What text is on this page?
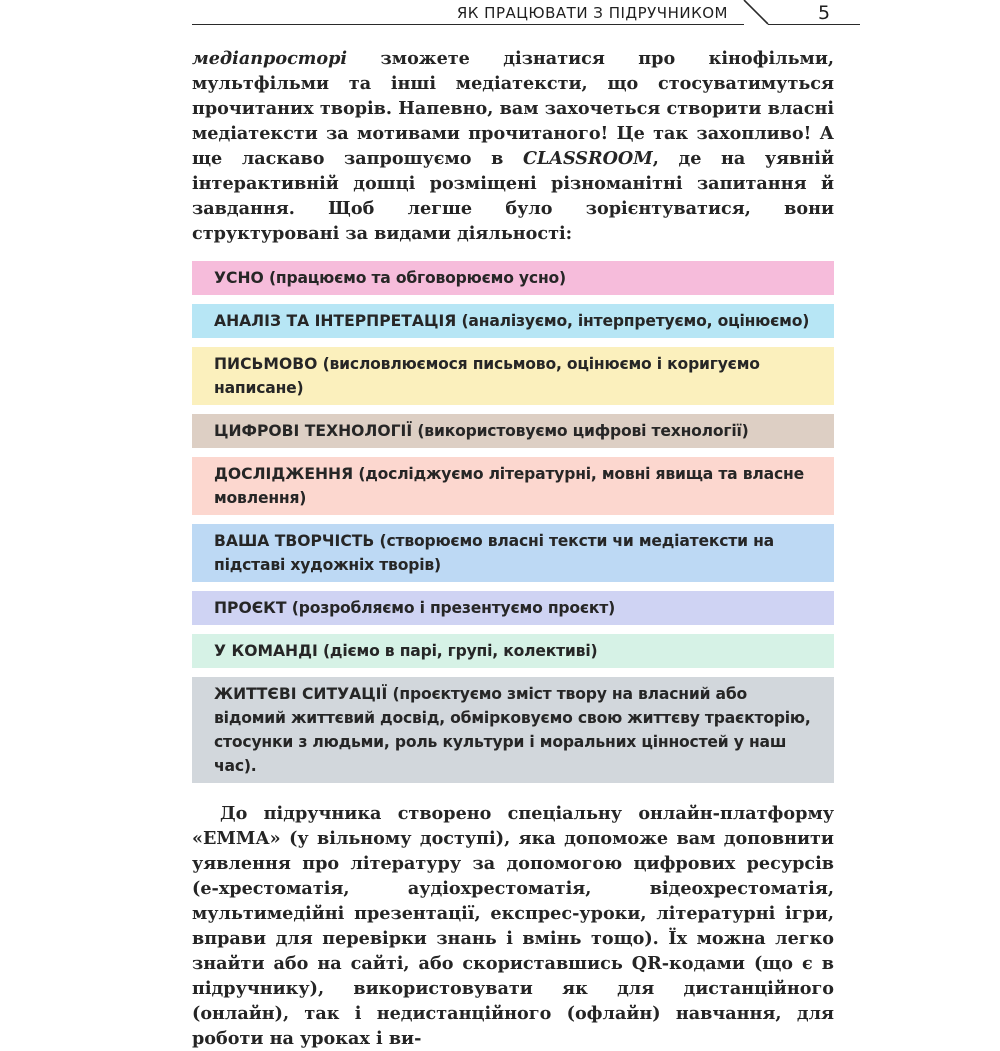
ЯК ПРАЦЮВАТИ З ПІДРУЧНИКОМ	5

медіапросторі зможете дізнатися про кінофільми, мультфільми та інші медіатексти, що стосуватимуться прочитаних творів. Напевно, вам захочеться створити власні медіатексти за мотивами прочитаного! Це так захопливо! А ще ласкаво запрошуємо в CLASSROOM, де на уявній інтерактивній дошці розміщені різноманітні запитання й завдання. Щоб легше було зорієнтуватися, вони структуровані за видами діяльності:

УСНО (працюємо та обговорюємо усно)
АНАЛІЗ ТА ІНТЕРПРЕТАЦІЯ (аналізуємо, інтерпретуємо, оцінюємо)
ПИСЬМОВО (висловлюємося письмово, оцінюємо і коригуємо написане)
ЦИФРОВІ ТЕХНОЛОГІЇ (використовуємо цифрові технології)
ДОСЛІДЖЕННЯ (досліджуємо літературні, мовні явища та власне мовлення)
ВАША ТВОРЧІСТЬ (створюємо власні тексти чи медіатексти на підставі художніх творів)
ПРОЄКТ (розробляємо і презентуємо проєкт)
У КОМАНДІ (діємо в парі, групі, колективі)
ЖИТТЄВІ СИТУАЦІЇ (проєктуємо зміст твору на власний або відомий життєвий досвід, обмірковуємо свою життєву траєкторію, стосунки з людьми, роль культури і моральних цінностей у наш час).

До підручника створено спеціальну онлайн-платформу «ЕММА» (у вільному доступі), яка допоможе вам доповнити уявлення про літературу за допомогою цифрових ресурсів (е-хрестоматія, аудіохрестоматія, відеохрестоматія, мультимедійні презентації, експрес-уроки, літературні ігри, вправи для перевірки знань і вмінь тощо). Їх можна легко знайти або на сайті, або скориставшись QR-кодами (що є в підручнику), використовувати як для дистанційного (онлайн), так і недистанційного (офлайн) навчання, для роботи на уроках і ви-
